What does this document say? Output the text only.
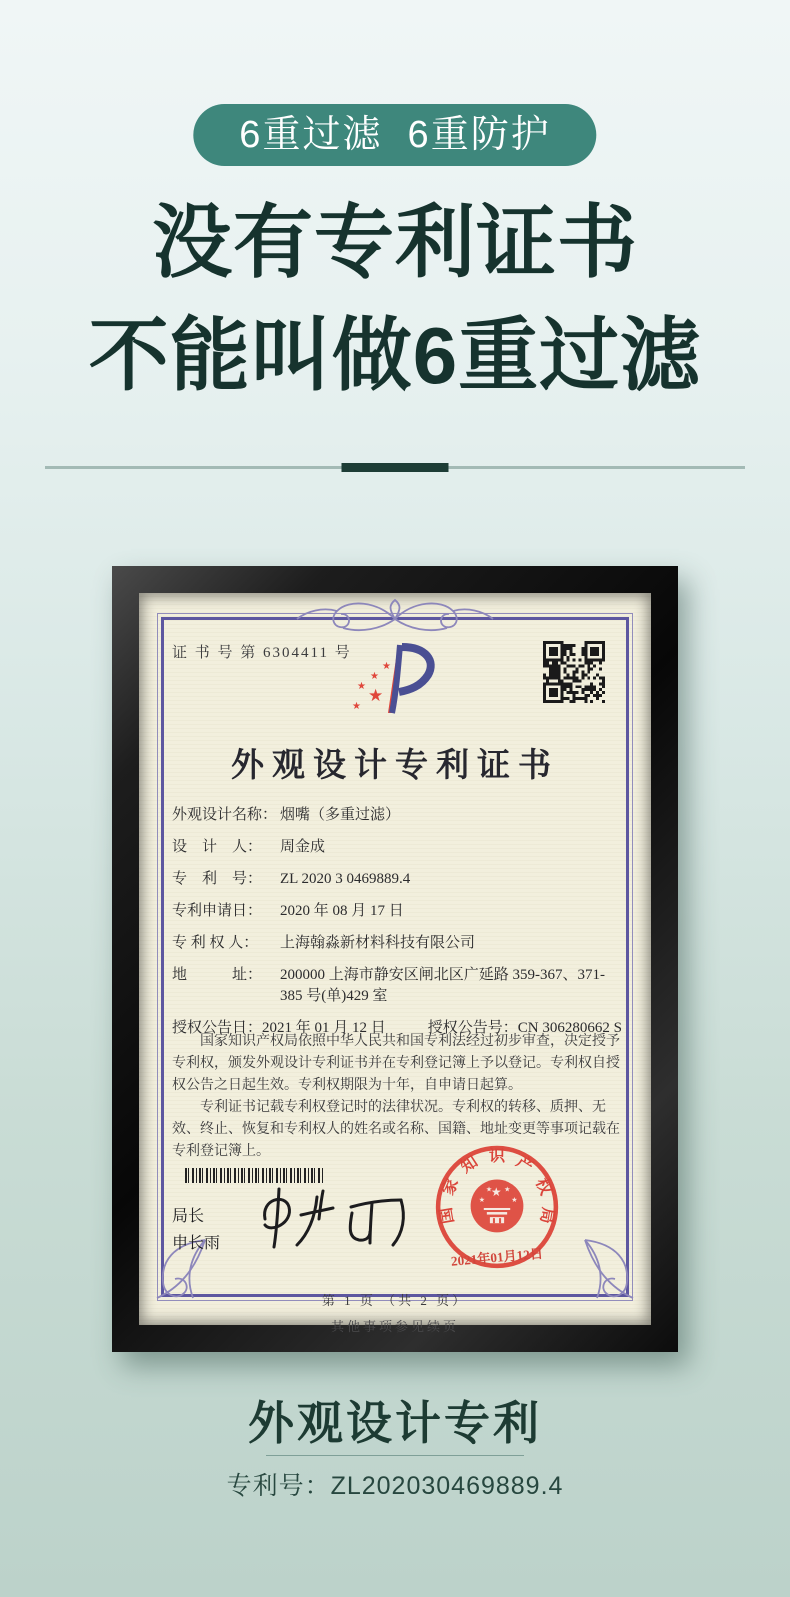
6重过滤  6重防护
没有专利证书
不能叫做6重过滤
证 书 号 第 6304411 号
★
★
★
★
★
外观设计专利证书
外观设计名称： 烟嘴（多重过滤）
设　计　人：	周金成
专　利　号：	ZL 2020 3 0469889.4
专利申请日：	2020 年 08 月 17 日
专 利 权 人：	上海翰淼新材料科技有限公司
地　　　址：	200000 上海市静安区闸北区广延路 359-367、371-385 号(单)429 室
授权公告日： 2021 年 01 月 12 日	授权公告号： CN 306280662 S

国家知识产权局依照中华人民共和国专利法经过初步审查，决定授予专利权，颁发外观设计专利证书并在专利登记簿上予以登记。专利权自授权公告之日起生效。专利权期限为十年，自申请日起算。

专利证书记载专利权登记时的法律状况。专利权的转移、质押、无效、终止、恢复和专利权人的姓名或名称、国籍、地址变更等事项记载在专利登记簿上。

局长
申长雨
国家知识产权局
★
★
★ ★
★
2021年01月12日
第 1 页 （共 2 页）
其他事项参见续页
外观设计专利
专利号：ZL202030469889.4
